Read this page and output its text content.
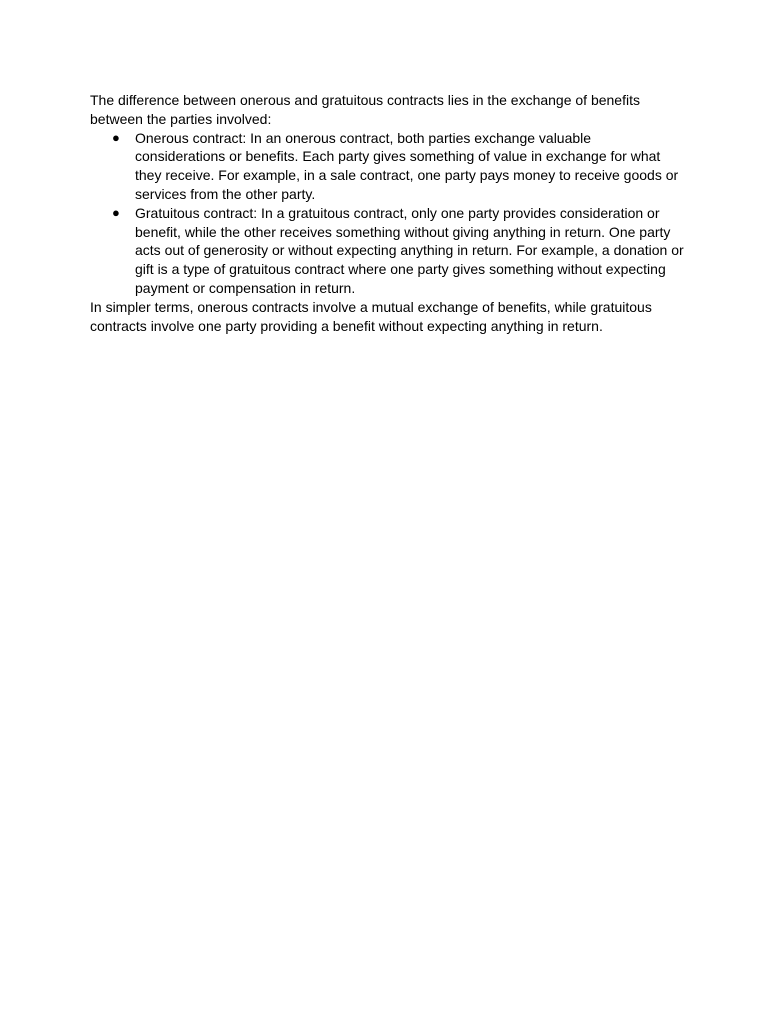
The difference between onerous and gratuitous contracts lies in the exchange of benefits between the parties involved:

● Onerous contract: In an onerous contract, both parties exchange valuable considerations or benefits. Each party gives something of value in exchange for what they receive. For example, in a sale contract, one party pays money to receive goods or services from the other party.
● Gratuitous contract: In a gratuitous contract, only one party provides consideration or benefit, while the other receives something without giving anything in return. One party acts out of generosity or without expecting anything in return. For example, a donation or gift is a type of gratuitous contract where one party gives something without expecting payment or compensation in return.

In simpler terms, onerous contracts involve a mutual exchange of benefits, while gratuitous contracts involve one party providing a benefit without expecting anything in return.
